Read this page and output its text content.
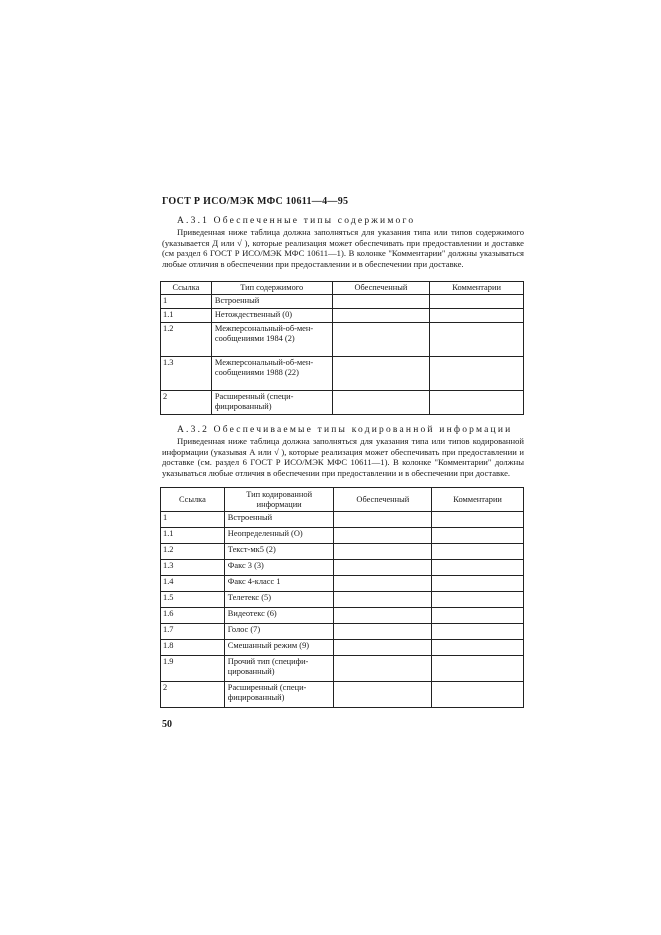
ГОСТ Р ИСО/МЭК МФС 10611—4—95
А.3.1 Обеспеченные типы содержимого
Приведенная ниже таблица должна заполняться для указания типа или типов содержимого (указывается Д или √ ), которые реализация может обеспечивать при предоставлении и доставке (см раздел 6 ГОСТ Р ИСО/МЭК МФС 10611—1). В колонке "Комментарии" должны указываться любые отличия в обеспечении при предоставлении и в обеспечении при доставке.
Ссылка	Тип содержимого	Обеспеченный	Комментарии
1	Встроенный		
1.1	Нетождественный (0)		
1.2	Межперсональный-об-мен-сообщениями 1984 (2)		
1.3	Межперсональный-об-мен-сообщениями 1988 (22)		
2	Расширенный (специ-фицированный)		
А.3.2 Обеспечиваемые типы кодированной информации
Приведенная ниже таблица должна заполняться для указания типа или типов кодированной информации (указывая А или √ ), которые реализация может обеспечивать при предоставлении и доставке (см. раздел 6 ГОСТ Р ИСО/МЭК МФС 10611—1). В колонке "Комментарии" должны указываться любые отличия в обеспечении при предоставлении и в обеспечении при доставке.
Ссылка	Тип кодированной информации	Обеспеченный	Комментарии
1	Встроенный		
1.1	Неопределенный (О)		
1.2	Текст-мк5 (2)		
1.3	Факс 3 (3)		
1.4	Факс 4-класс 1		
1.5	Телетекс (5)		
1.6	Видеотекс (6)		
1.7	Голос (7)		
1.8	Смешанный режим (9)		
1.9	Прочий тип (специфи-цированный)		
2	Расширенный (специ-фицированный)		
50
